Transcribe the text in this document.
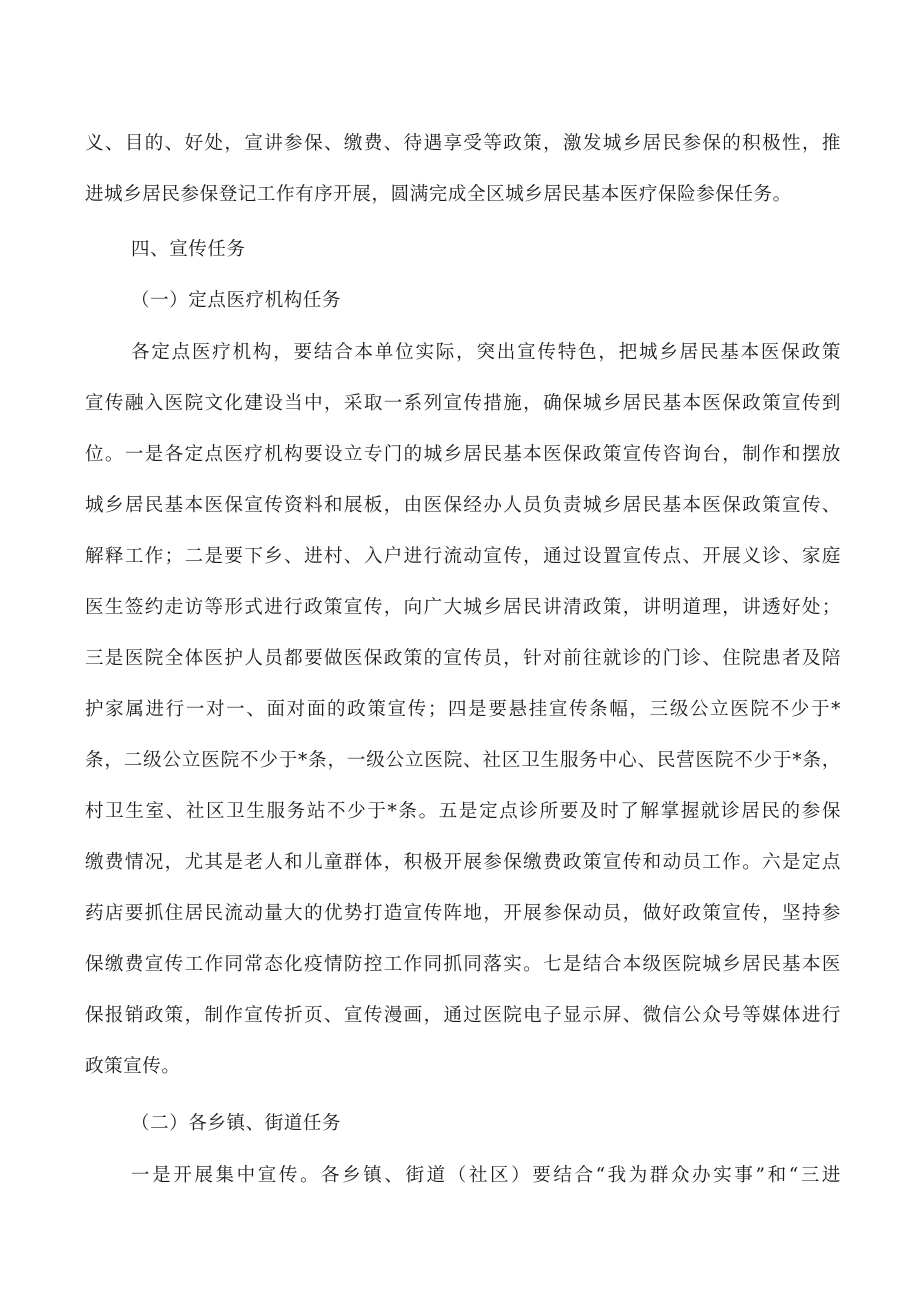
义、目的、好处，宣讲参保、缴费、待遇享受等政策，激发城乡居民参保的积极性，推
进城乡居民参保登记工作有序开展，圆满完成全区城乡居民基本医疗保险参保任务。
四、宣传任务
（一）定点医疗机构任务
各定点医疗机构，要结合本单位实际，突出宣传特色，把城乡居民基本医保政策
宣传融入医院文化建设当中，采取一系列宣传措施，确保城乡居民基本医保政策宣传到
位。一是各定点医疗机构要设立专门的城乡居民基本医保政策宣传咨询台，制作和摆放
城乡居民基本医保宣传资料和展板，由医保经办人员负责城乡居民基本医保政策宣传、
解释工作；二是要下乡、进村、入户进行流动宣传，通过设置宣传点、开展义诊、家庭
医生签约走访等形式进行政策宣传，向广大城乡居民讲清政策，讲明道理，讲透好处；
三是医院全体医护人员都要做医保政策的宣传员，针对前往就诊的门诊、住院患者及陪
护家属进行一对一、面对面的政策宣传；四是要悬挂宣传条幅，三级公立医院不少于*
条，二级公立医院不少于*条，一级公立医院、社区卫生服务中心、民营医院不少于*条，
村卫生室、社区卫生服务站不少于*条。五是定点诊所要及时了解掌握就诊居民的参保
缴费情况，尤其是老人和儿童群体，积极开展参保缴费政策宣传和动员工作。六是定点
药店要抓住居民流动量大的优势打造宣传阵地，开展参保动员，做好政策宣传，坚持参
保缴费宣传工作同常态化疫情防控工作同抓同落实。七是结合本级医院城乡居民基本医
保报销政策，制作宣传折页、宣传漫画，通过医院电子显示屏、微信公众号等媒体进行
政策宣传。
（二）各乡镇、街道任务
一是开展集中宣传。各乡镇、街道（社区）要结合“我为群众办实事”和“三进
